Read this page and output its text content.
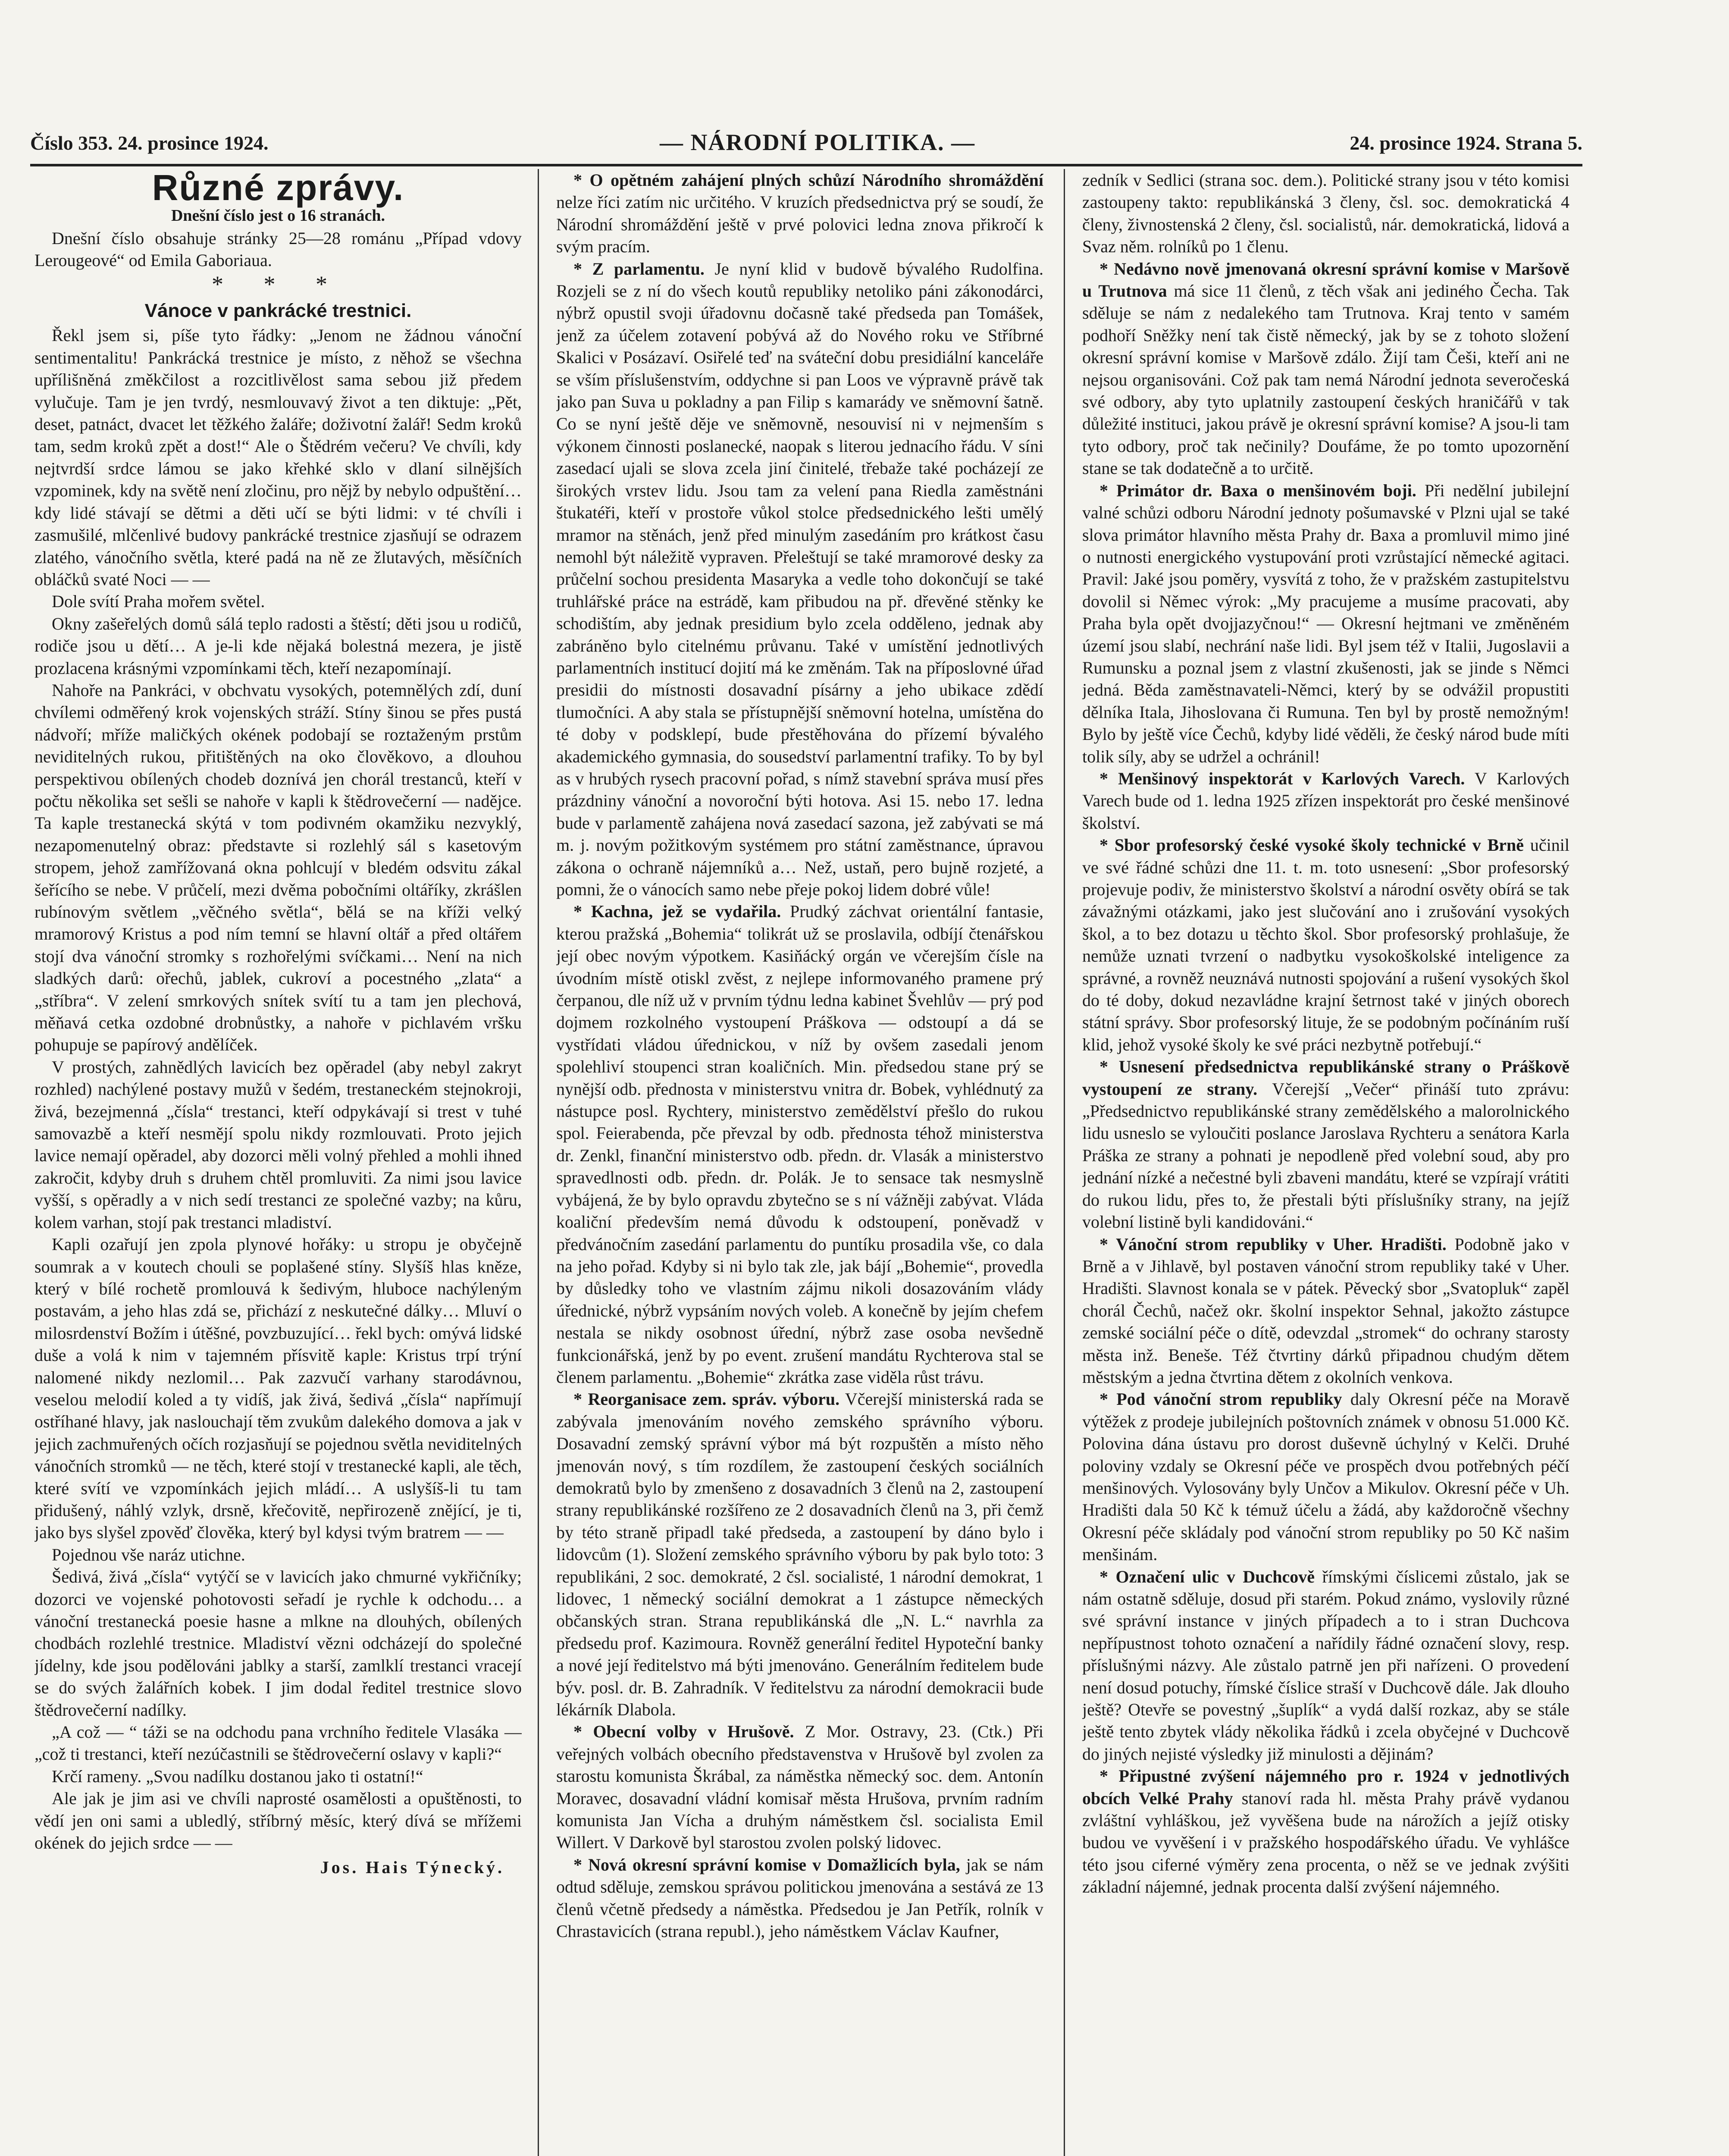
Číslo 353. 24. prosince 1924.	— NÁRODNÍ POLITIKA. —	24. prosince 1924. Strana 5.
Různé zprávy.
Dnešní číslo jest o 16 stranách.

Dnešní číslo obsahuje stránky 25—28 románu „Případ vdovy Lerougeové“ od Emila Gaboriaua.

* * *
Vánoce v pankrácké trestnici.

Řekl jsem si, píše tyto řádky: „Jenom ne žádnou vánoční sentimentalitu! Pankrácká trestnice je místo, z něhož se všechna upřílišněná změkčilost a rozcitlivělost sama sebou již předem vylučuje. Tam je jen tvrdý, nesmlouvavý život a ten diktuje: „Pět, deset, patnáct, dvacet let těžkého žaláře; doživotní žalář! Sedm kroků tam, sedm kroků zpět a dost!“ Ale o Štědrém večeru? Ve chvíli, kdy nejtvrdší srdce lámou se jako křehké sklo v dlaní silnějších vzpominek, kdy na světě není zločinu, pro nějž by nebylo odpuštění… kdy lidé stávají se dětmi a děti učí se býti lidmi: v té chvíli i zasmušilé, mlčenlivé budovy pankrácké trestnice zjasňují se odrazem zlatého, vánočního světla, které padá na ně ze žlutavých, měsíčních obláčků svaté Noci — —

Dole svítí Praha mořem světel.

Okny zašeřelých domů sálá teplo radosti a štěstí; děti jsou u rodičů, rodiče jsou u dětí… A je-li kde nějaká bolestná mezera, je jistě prozlacena krásnými vzpomínkami těch, kteří nezapomínají.

Nahoře na Pankráci, v obchvatu vysokých, potemnělých zdí, duní chvílemi odměřený krok vojenských stráží. Stíny šinou se přes pustá nádvoří; mříže maličkých okének podobají se roztaženým prstům neviditelných rukou, přitištěných na oko člověkovo, a dlouhou perspektivou obílených chodeb doznívá jen chorál trestanců, kteří v počtu několika set sešli se nahoře v kapli k štědrovečerní — nadějce. Ta kaple trestanecká skýtá v tom podivném okamžiku nezvyklý, nezapomenutelný obraz: představte si rozlehlý sál s kasetovým stropem, jehož zamřížovaná okna pohlcují v bledém odsvitu zákal šeřícího se nebe. V průčelí, mezi dvěma pobočními oltáříky, zkrášlen rubínovým světlem „věčného světla“, bělá se na kříži velký mramorový Kristus a pod ním temní se hlavní oltář a před oltářem stojí dva vánoční stromky s rozhořelými svíčkami… Není na nich sladkých darů: ořechů, jablek, cukroví a pocestného „zlata“ a „stříbra“. V zelení smrkových snítek svítí tu a tam jen plechová, měňavá cetka ozdobné drobnůstky, a nahoře v pichlavém vršku pohupuje se papírový andělíček.

V prostých, zahnědlých lavicích bez opěradel (aby nebyl zakryt rozhled) nachýlené postavy mužů v šedém, trestaneckém stejnokroji, živá, bezejmenná „čísla“ trestanci, kteří odpykávají si trest v tuhé samovazbě a kteří nesmějí spolu nikdy rozmlouvati. Proto jejich lavice nemají opěradel, aby dozorci měli volný přehled a mohli ihned zakročit, kdyby druh s druhem chtěl promluviti. Za nimi jsou lavice vyšší, s opěradly a v nich sedí trestanci ze společné vazby; na kůru, kolem varhan, stojí pak trestanci mladiství.

Kapli ozařují jen zpola plynové hořáky: u stropu je obyčejně soumrak a v koutech chouli se poplašené stíny. Slyšíš hlas kněze, který v bílé rochetě promlouvá k šedivým, hluboce nachýleným postavám, a jeho hlas zdá se, přichází z neskutečné dálky… Mluví o milosrdenství Božím i útěšné, povzbuzující… řekl bych: omývá lidské duše a volá k nim v tajemném přísvitě kaple: Kristus trpí trýní nalomené nikdy nezlomil… Pak zazvučí varhany starodávnou, veselou melodií koled a ty vidíš, jak živá, šedivá „čísla“ napřímují ostříhané hlavy, jak naslouchají těm zvukům dalekého domova a jak v jejich zachmuřených očích rozjasňují se pojednou světla neviditelných vánočních stromků — ne těch, které stojí v trestanecké kapli, ale těch, které svítí ve vzpomínkách jejich mládí… A uslyšíš-li tu tam přidušený, náhlý vzlyk, drsně, křečovitě, nepřirozeně znějící, je ti, jako bys slyšel zpověď člověka, který byl kdysi tvým bratrem — —

Pojednou vše naráz utichne.

Šedivá, živá „čísla“ vytýčí se v lavicích jako chmurné vykřičníky; dozorci ve vojenské pohotovosti seřadí je rychle k odchodu… a vánoční trestanecká poesie hasne a mlkne na dlouhých, obílených chodbách rozlehlé trestnice. Mladiství vězni odcházejí do společné jídelny, kde jsou podělováni jablky a starší, zamlklí trestanci vracejí se do svých žalářních kobek. I jim dodal ředitel trestnice slovo štědrovečerní nadílky.

„A což — “ táži se na odchodu pana vrchního ředitele Vlasáka — „což ti trestanci, kteří nezúčastnili se štědrovečerní oslavy v kapli?“

Krčí rameny. „Svou nadílku dostanou jako ti ostatní!“

Ale jak je jim asi ve chvíli naprosté osamělosti a opuštěnosti, to vědí jen oni sami a ubledlý, stříbrný měsíc, který dívá se mřížemi okének do jejich srdce — —

Jos. Hais Týnecký.

* O opětném zahájení plných schůzí Národního shromáždění nelze říci zatím nic určitého. V kruzích předsednictva prý se soudí, že Národní shromáždění ještě v prvé polovici ledna znova přikročí k svým pracím.

* Z parlamentu. Je nyní klid v budově bývalého Rudolfina. Rozjeli se z ní do všech koutů republiky netoliko páni zákonodárci, nýbrž opustil svoji úřadovnu dočasně také předseda pan Tomášek, jenž za účelem zotavení pobývá až do Nového roku ve Stříbrné Skalici v Posázaví. Osiřelé teď na sváteční dobu presidiální kanceláře se vším příslušenstvím, oddychne si pan Loos ve výpravně právě tak jako pan Suva u pokladny a pan Filip s kamarády ve sněmovní šatně. Co se nyní ještě děje ve sněmovně, nesouvisí ni v nejmenším s výkonem činnosti poslanecké, naopak s literou jednacího řádu. V síni zasedací ujali se slova zcela jiní činitelé, třebaže také pocházejí ze širokých vrstev lidu. Jsou tam za velení pana Riedla zaměstnáni štukatéři, kteří v prostoře vůkol stolce předsednického lešti umělý mramor na stěnách, jenž před minulým zasedáním pro krátkost času nemohl být náležitě vypraven. Přeleštují se také mramorové desky za průčelní sochou presidenta Masaryka a vedle toho dokončují se také truhlářské práce na estrádě, kam přibudou na př. dřevěné stěnky ke schodištím, aby jednak presidium bylo zcela odděleno, jednak aby zabráněno bylo citelnému průvanu. Také v umístění jednotlivých parlamentních institucí dojití má ke změnám. Tak na příposlovné úřad presidii do místnosti dosavadní písárny a jeho ubikace zdědí tlumočníci. A aby stala se přístupnější sněmovní hotelna, umístěna do té doby v podsklepí, bude přestěhována do přízemí bývalého akademického gymnasia, do sousedství parlamentní trafiky. To by byl as v hrubých rysech pracovní pořad, s nímž stavební správa musí přes prázdniny vánoční a novoroční býti hotova. Asi 15. nebo 17. ledna bude v parlamentě zahájena nová zasedací sazona, jež zabývati se má m. j. novým požitkovým systémem pro státní zaměstnance, úpravou zákona o ochraně nájemníků a… Než, ustaň, pero bujně rozjeté, a pomni, že o vánocích samo nebe přeje pokoj lidem dobré vůle!

* Kachna, jež se vydařila. Prudký záchvat orientální fantasie, kterou pražská „Bohemia“ tolikrát už se proslavila, odbíjí čtenářskou její obec novým výpotkem. Kasiňácký orgán ve včerejším čísle na úvodním místě otiskl zvěst, z nejlepe informovaného pramene prý čerpanou, dle níž už v prvním týdnu ledna kabinet Švehlův — prý pod dojmem rozkolného vystoupení Práškova — odstoupí a dá se vystřídati vládou úřednickou, v níž by ovšem zasedali jenom spolehliví stoupenci stran koaličních. Min. předsedou stane prý se nynější odb. přednosta v ministerstvu vnitra dr. Bobek, vyhlédnutý za nástupce posl. Rychtery, ministerstvo zemědělství přešlo do rukou spol. Feierabenda, pče převzal by odb. přednosta téhož ministerstva dr. Zenkl, finanční ministerstvo odb. předn. dr. Vlasák a ministerstvo spravedlnosti odb. předn. dr. Polák. Je to sensace tak nesmyslně vybájená, že by bylo opravdu zbytečno se s ní vážněji zabývat. Vláda koaliční především nemá důvodu k odstoupení, poněvadž v předvánočním zasedání parlamentu do puntíku prosadila vše, co dala na jeho pořad. Kdyby si ni bylo tak zle, jak bájí „Bohemie“, provedla by důsledky toho ve vlastním zájmu nikoli dosazováním vlády úřednické, nýbrž vypsáním nových voleb. A konečně by jejím chefem nestala se nikdy osobnost úřední, nýbrž zase osoba nevšedně funkcionářská, jenž by po event. zrušení mandátu Rychterova stal se členem parlamentu. „Bohemie“ zkrátka zase viděla růst trávu.

* Reorganisace zem. správ. výboru. Včerejší ministerská rada se zabývala jmenováním nového zemského správního výboru. Dosavadní zemský správní výbor má být rozpuštěn a místo něho jmenován nový, s tím rozdílem, že zastoupení českých sociálních demokratů bylo by zmenšeno z dosavadních 3 členů na 2, zastoupení strany republikánské rozšířeno ze 2 dosavadních členů na 3, při čemž by této straně připadl také předseda, a zastoupení by dáno bylo i lidovcům (1). Složení zemského správního výboru by pak bylo toto: 3 republikáni, 2 soc. demokraté, 2 čsl. socialisté, 1 národní demokrat, 1 lidovec, 1 německý sociální demokrat a 1 zástupce německých občanských stran. Strana republikánská dle „N. L.“ navrhla za předsedu prof. Kazimoura. Rovněž generální ředitel Hypoteční banky a nové její ředitelstvo má býti jmenováno. Generálním ředitelem bude býv. posl. dr. B. Zahradník. V ředitelstvu za národní demokracii bude lékárník Dlabola.

* Obecní volby v Hrušově. Z Mor. Ostravy, 23. (Ctk.) Při veřejných volbách obecního představenstva v Hrušově byl zvolen za starostu komunista Škrábal, za náměstka německý soc. dem. Antonín Moravec, dosavadní vládní komisař města Hrušova, prvním radním komunista Jan Vícha a druhým náměstkem čsl. socialista Emil Willert. V Darkově byl starostou zvolen polský lidovec.

* Nová okresní správní komise v Domažlicích byla, jak se nám odtud sděluje, zemskou správou politickou jmenována a sestává ze 13 členů včetně předsedy a náměstka. Předsedou je Jan Petřík, rolník v Chrastavicích (strana republ.), jeho náměstkem Václav Kaufner,

zedník v Sedlici (strana soc. dem.). Politické strany jsou v této komisi zastoupeny takto: republikánská 3 členy, čsl. soc. demokratická 4 členy, živnostenská 2 členy, čsl. socialistů, nár. demokratická, lidová a Svaz něm. rolníků po 1 členu.

* Nedávno nově jmenovaná okresní správní komise v Maršově u Trutnova má sice 11 členů, z těch však ani jediného Čecha. Tak sděluje se nám z nedalekého tam Trutnova. Kraj tento v samém podhoří Sněžky není tak čistě německý, jak by se z tohoto složení okresní správní komise v Maršově zdálo. Žijí tam Češi, kteří ani ne nejsou organisováni. Což pak tam nemá Národní jednota severočeská své odbory, aby tyto uplatnily zastoupení českých hraničářů v tak důležité instituci, jakou právě je okresní správní komise? A jsou-li tam tyto odbory, proč tak nečinily? Doufáme, že po tomto upozornění stane se tak dodatečně a to určitě.

* Primátor dr. Baxa o menšinovém boji. Při nedělní jubilejní valné schůzi odboru Národní jednoty pošumavské v Plzni ujal se také slova primátor hlavního města Prahy dr. Baxa a promluvil mimo jiné o nutnosti energického vystupování proti vzrůstající německé agitaci. Pravil: Jaké jsou poměry, vysvítá z toho, že v pražském zastupitelstvu dovolil si Němec výrok: „My pracujeme a musíme pracovati, aby Praha byla opět dvojjazyčnou!“ — Okresní hejtmani ve změněném území jsou slabí, nechrání naše lidi. Byl jsem též v Italii, Jugoslavii a Rumunsku a poznal jsem z vlastní zkušenosti, jak se jinde s Němci jedná. Běda zaměstnavateli-Němci, který by se odvážil propustiti dělníka Itala, Jihoslovana či Rumuna. Ten byl by prostě nemožným! Bylo by ještě více Čechů, kdyby lidé věděli, že český národ bude míti tolik síly, aby se udržel a ochránil!

* Menšinový inspektorát v Karlových Varech. V Karlových Varech bude od 1. ledna 1925 zřízen inspektorát pro české menšinové školství.

* Sbor profesorský české vysoké školy technické v Brně učinil ve své řádné schůzi dne 11. t. m. toto usnesení: „Sbor profesorský projevuje podiv, že ministerstvo školství a národní osvěty obírá se tak závažnými otázkami, jako jest slučování ano i zrušování vysokých škol, a to bez dotazu u těchto škol. Sbor profesorský prohlašuje, že nemůže uznati tvrzení o nadbytku vysokoškolské inteligence za správné, a rovněž neuznává nutnosti spojování a rušení vysokých škol do té doby, dokud nezavládne krajní šetrnost také v jiných oborech státní správy. Sbor profesorský lituje, že se podobným počínáním ruší klid, jehož vysoké školy ke své práci nezbytně potřebují.“

* Usnesení předsednictva republikánské strany o Práškově vystoupení ze strany. Včerejší „Večer“ přináší tuto zprávu: „Předsednictvo republikánské strany zemědělského a malorolnického lidu usneslo se vyloučiti poslance Jaroslava Rychteru a senátora Karla Práška ze strany a pohnati je nepodleně před volební soud, aby pro jednání nízké a nečestné byli zbaveni mandátu, které se vzpírají vrátiti do rukou lidu, přes to, že přestali býti příslušníky strany, na jejíž volební listině byli kandidováni.“

* Vánoční strom republiky v Uher. Hradišti. Podobně jako v Brně a v Jihlavě, byl postaven vánoční strom republiky také v Uher. Hradišti. Slavnost konala se v pátek. Pěvecký sbor „Svatopluk“ zapěl chorál Čechů, načež okr. školní inspektor Sehnal, jakožto zástupce zemské sociální péče o dítě, odevzdal „stromek“ do ochrany starosty města inž. Beneše. Též čtvrtiny dárků připadnou chudým dětem městským a jedna čtvrtina dětem z okolních venkova.

* Pod vánoční strom republiky daly Okresní péče na Moravě výtěžek z prodeje jubilejních poštovních známek v obnosu 51.000 Kč. Polovina dána ústavu pro dorost duševně úchylný v Kelči. Druhé poloviny vzdaly se Okresní péče ve prospěch dvou potřebných péčí menšinových. Vylosovány byly Unčov a Mikulov. Okresní péče v Uh. Hradišti dala 50 Kč k témuž účelu a žádá, aby každoročně všechny Okresní péče skládaly pod vánoční strom republiky po 50 Kč našim menšinám.

* Označení ulic v Duchcově římskými číslicemi zůstalo, jak se nám ostatně sděluje, dosud při starém. Pokud známo, vyslovily různé své správní instance v jiných případech a to i stran Duchcova nepřípustnost tohoto označení a nařídily řádné označení slovy, resp. příslušnými názvy. Ale zůstalo patrně jen při nařízeni. O provedení není dosud potuchy, římské číslice straší v Duchcově dále. Jak dlouho ještě? Otevře se povestný „šuplík“ a vydá další rozkaz, aby se stále ještě tento zbytek vlády několika řádků i zcela obyčejné v Duchcově do jiných nejisté výsledky již minulosti a dějinám?

* Připustné zvýšení nájemného pro r. 1924 v jednotlivých obcích Velké Prahy stanoví rada hl. města Prahy právě vydanou zvláštní vyhláškou, jež vyvěšena bude na nárožích a jejíž otisky budou ve vyvěšení i v pražského hospodářského úřadu. Ve vyhlášce této jsou ciferné výměry zena procenta, o něž se ve jednak zvýšiti základní nájemné, jednak procenta další zvýšení nájemného.
